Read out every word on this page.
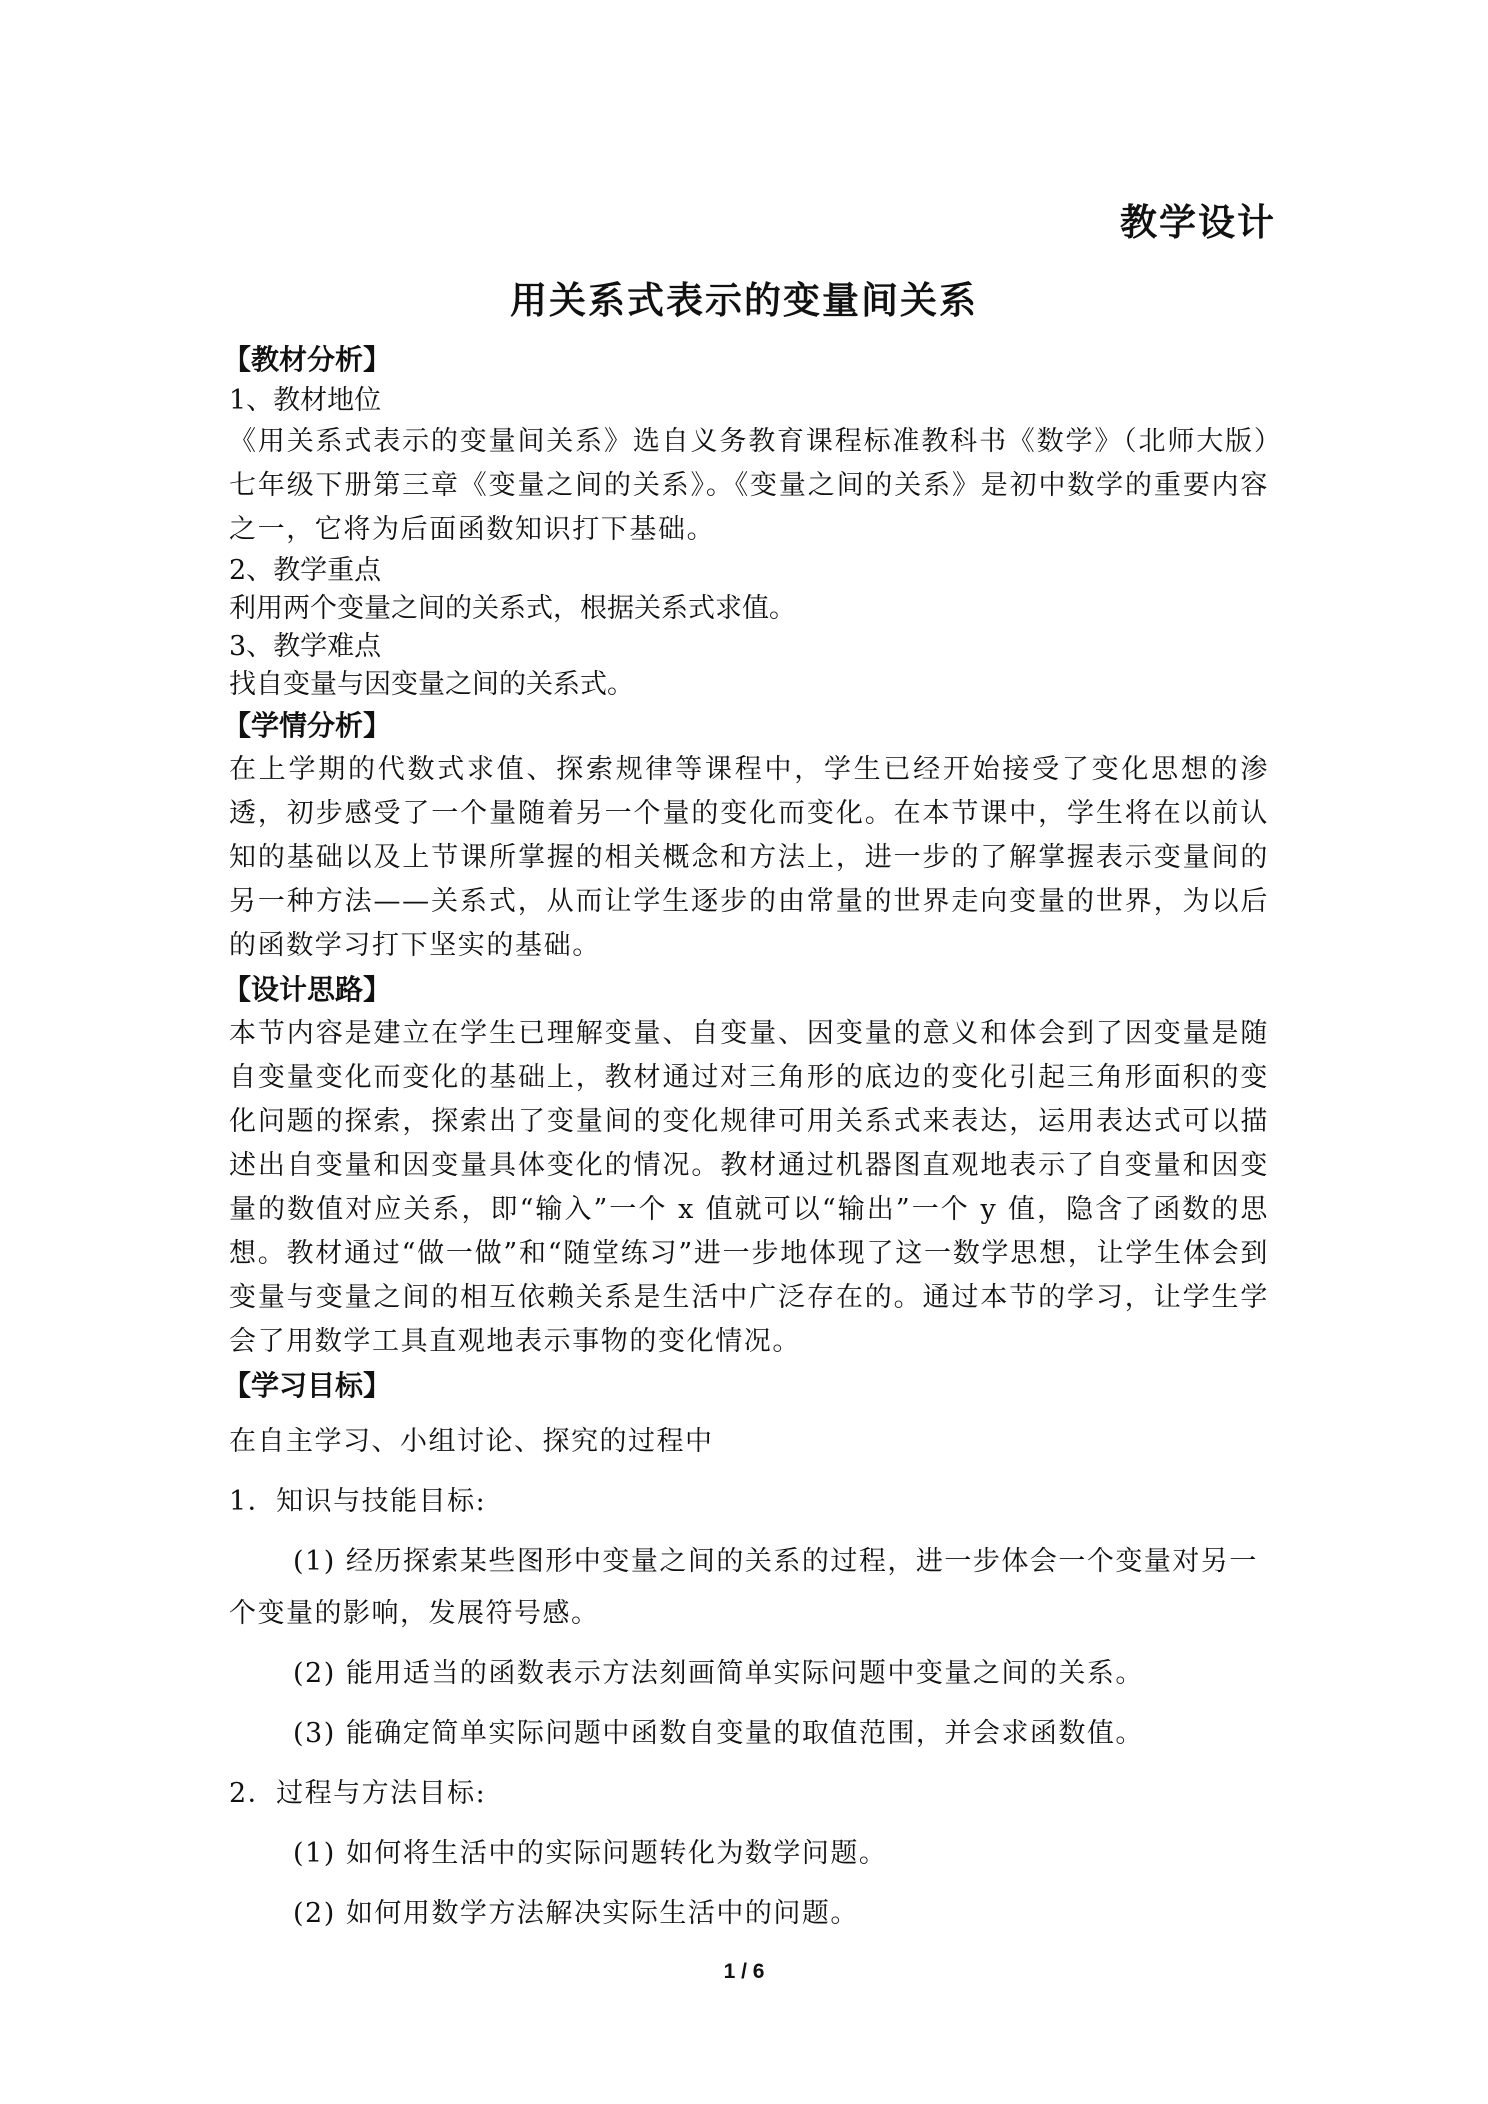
教学设计
用关系式表示的变量间关系
【教材分析】
1、教材地位
《用关系式表示的变量间关系》选自义务教育课程标准教科书《数学》（北师大版）七年级下册第三章《变量之间的关系》。《变量之间的关系》是初中数学的重要内容之一，它将为后面函数知识打下基础。
2、教学重点
利用两个变量之间的关系式，根据关系式求值。
3、教学难点
找自变量与因变量之间的关系式。
【学情分析】
在上学期的代数式求值、探索规律等课程中，学生已经开始接受了变化思想的渗透，初步感受了一个量随着另一个量的变化而变化。在本节课中，学生将在以前认知的基础以及上节课所掌握的相关概念和方法上，进一步的了解掌握表示变量间的另一种方法——关系式，从而让学生逐步的由常量的世界走向变量的世界，为以后的函数学习打下坚实的基础。
【设计思路】
本节内容是建立在学生已理解变量、自变量、因变量的意义和体会到了因变量是随自变量变化而变化的基础上，教材通过对三角形的底边的变化引起三角形面积的变化问题的探索，探索出了变量间的变化规律可用关系式来表达，运用表达式可以描述出自变量和因变量具体变化的情况。教材通过机器图直观地表示了自变量和因变量的数值对应关系，即“输入”一个 x 值就可以“输出”一个 y 值，隐含了函数的思想。教材通过“做一做”和“随堂练习”进一步地体现了这一数学思想，让学生体会到变量与变量之间的相互依赖关系是生活中广泛存在的。通过本节的学习，让学生学会了用数学工具直观地表示事物的变化情况。
【学习目标】
在自主学习、小组讨论、探究的过程中
1．知识与技能目标:
(1) 经历探索某些图形中变量之间的关系的过程，进一步体会一个变量对另一个变量的影响，发展符号感。
(2) 能用适当的函数表示方法刻画简单实际问题中变量之间的关系。
(3) 能确定简单实际问题中函数自变量的取值范围，并会求函数值。
2．过程与方法目标:
(1) 如何将生活中的实际问题转化为数学问题。
(2) 如何用数学方法解决实际生活中的问题。
1 / 6
